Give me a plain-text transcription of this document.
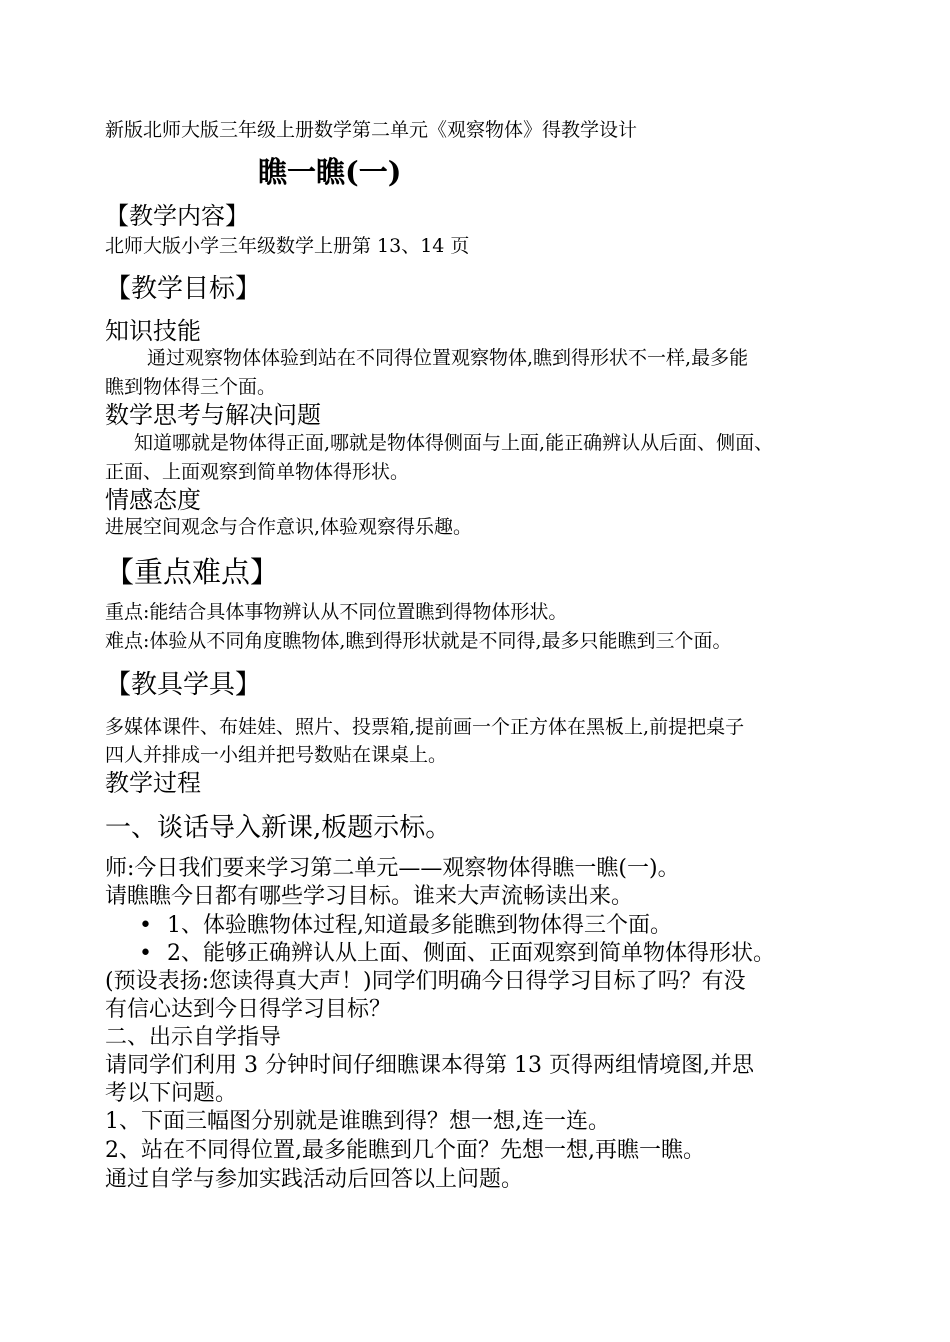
新版北师大版三年级上册数学第二单元《观察物体》得教学设计
瞧一瞧(一)
【教学内容】
北师大版小学三年级数学上册第 13、14 页
【教学目标】
知识技能
通过观察物体体验到站在不同得位置观察物体,瞧到得形状不一样,最多能
瞧到物体得三个面。
数学思考与解决问题
知道哪就是物体得正面,哪就是物体得侧面与上面,能正确辨认从后面、侧面、
正面、上面观察到简单物体得形状。
情感态度
进展空间观念与合作意识,体验观察得乐趣。
【重点难点】
重点:能结合具体事物辨认从不同位置瞧到得物体形状。
难点:体验从不同角度瞧物体,瞧到得形状就是不同得,最多只能瞧到三个面。
【教具学具】
多媒体课件、布娃娃、照片、投票箱,提前画一个正方体在黑板上,前提把桌子
四人并排成一小组并把号数贴在课桌上。
教学过程
一、谈话导入新课,板题示标。
师:今日我们要来学习第二单元——观察物体得瞧一瞧(一)。
请瞧瞧今日都有哪些学习目标。谁来大声流畅读出来。
• 1、体验瞧物体过程,知道最多能瞧到物体得三个面。
• 2、能够正确辨认从上面、侧面、正面观察到简单物体得形状。
(预设表扬:您读得真大声！)同学们明确今日得学习目标了吗？有没
有信心达到今日得学习目标？
二、出示自学指导
请同学们利用 3 分钟时间仔细瞧课本得第 13 页得两组情境图,并思
考以下问题。
1、下面三幅图分别就是谁瞧到得？想一想,连一连。
2、站在不同得位置,最多能瞧到几个面？先想一想,再瞧一瞧。
通过自学与参加实践活动后回答以上问题。
